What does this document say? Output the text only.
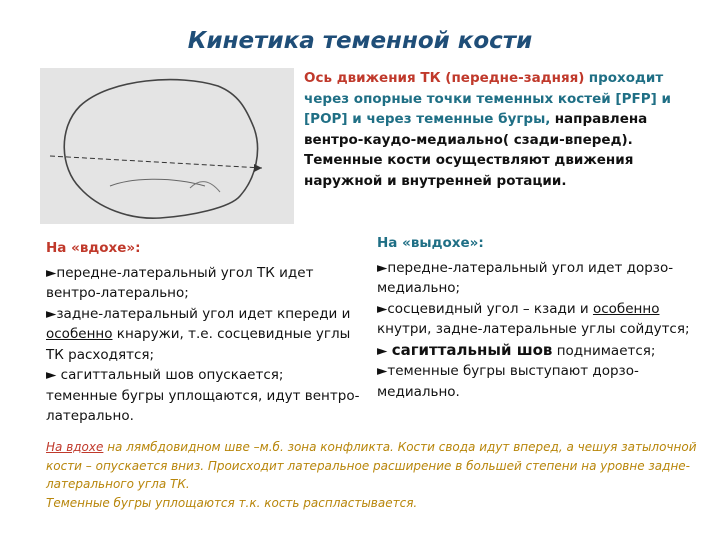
Кинетика теменной кости
Ось движения ТК (передне-задняя) проходит через опорные точки теменных костей [PFP] и [POP] и через теменные бугры, направлена вентро-каудо-медиально( сзади-вперед). Теменные кости осуществляют движения наружной и внутренней ротации.
На «вдохе»:
►передне-латеральный угол ТК идет вентро-латерально;
►задне-латеральный угол идет кпереди и особенно кнаружи, т.е. сосцевидные углы ТК расходятся;
► сагиттальный шов опускается;
теменные бугры уплощаются, идут вентро-латерально.
На «выдохе»:
►передне-латеральный угол идет дорзо-медиально;
►сосцевидный угол – кзади и особенно кнутри, задне-латеральные углы сойдутся;
► сагиттальный шов поднимается;
►теменные бугры выступают дорзо-медиально.
На вдохе на лямбдовидном шве –м.б. зона конфликта. Кости свода идут вперед, а чешуя затылочной кости – опускается вниз. Происходит латеральное расширение в большей степени на уровне задне-латерального угла ТК.
Теменные бугры уплощаются т.к. кость распластывается.
